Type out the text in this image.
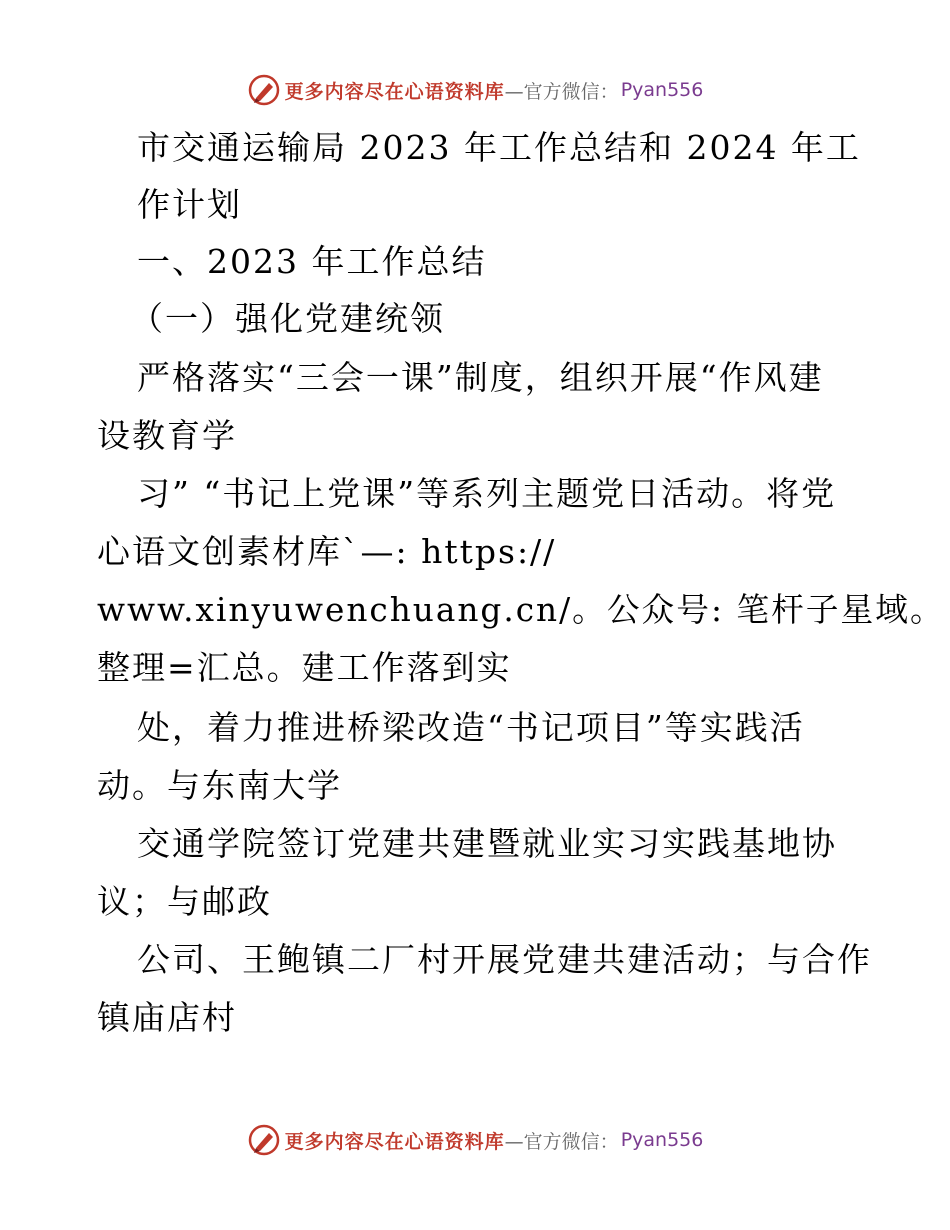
更多内容尽在心语资料库 —官方微信： Pyan556
市交通运输局 2023 年工作总结和 2024 年工
作计划
一、2023 年工作总结
（一）强化党建统领
严格落实“三会一课”制度，组织开展“作风建
设教育学
习” “书记上党课”等系列主题党日活动。将党
心语文创素材库`—: https://
www.xinyuwenchuang.cn/。公众号: 笔杆子星域。
整理=汇总。建工作落到实
处，着力推进桥梁改造“书记项目”等实践活
动。与东南大学
交通学院签订党建共建暨就业实习实践基地协
议；与邮政
公司、王鲍镇二厂村开展党建共建活动；与合作
镇庙店村
更多内容尽在心语资料库 —官方微信： Pyan556
